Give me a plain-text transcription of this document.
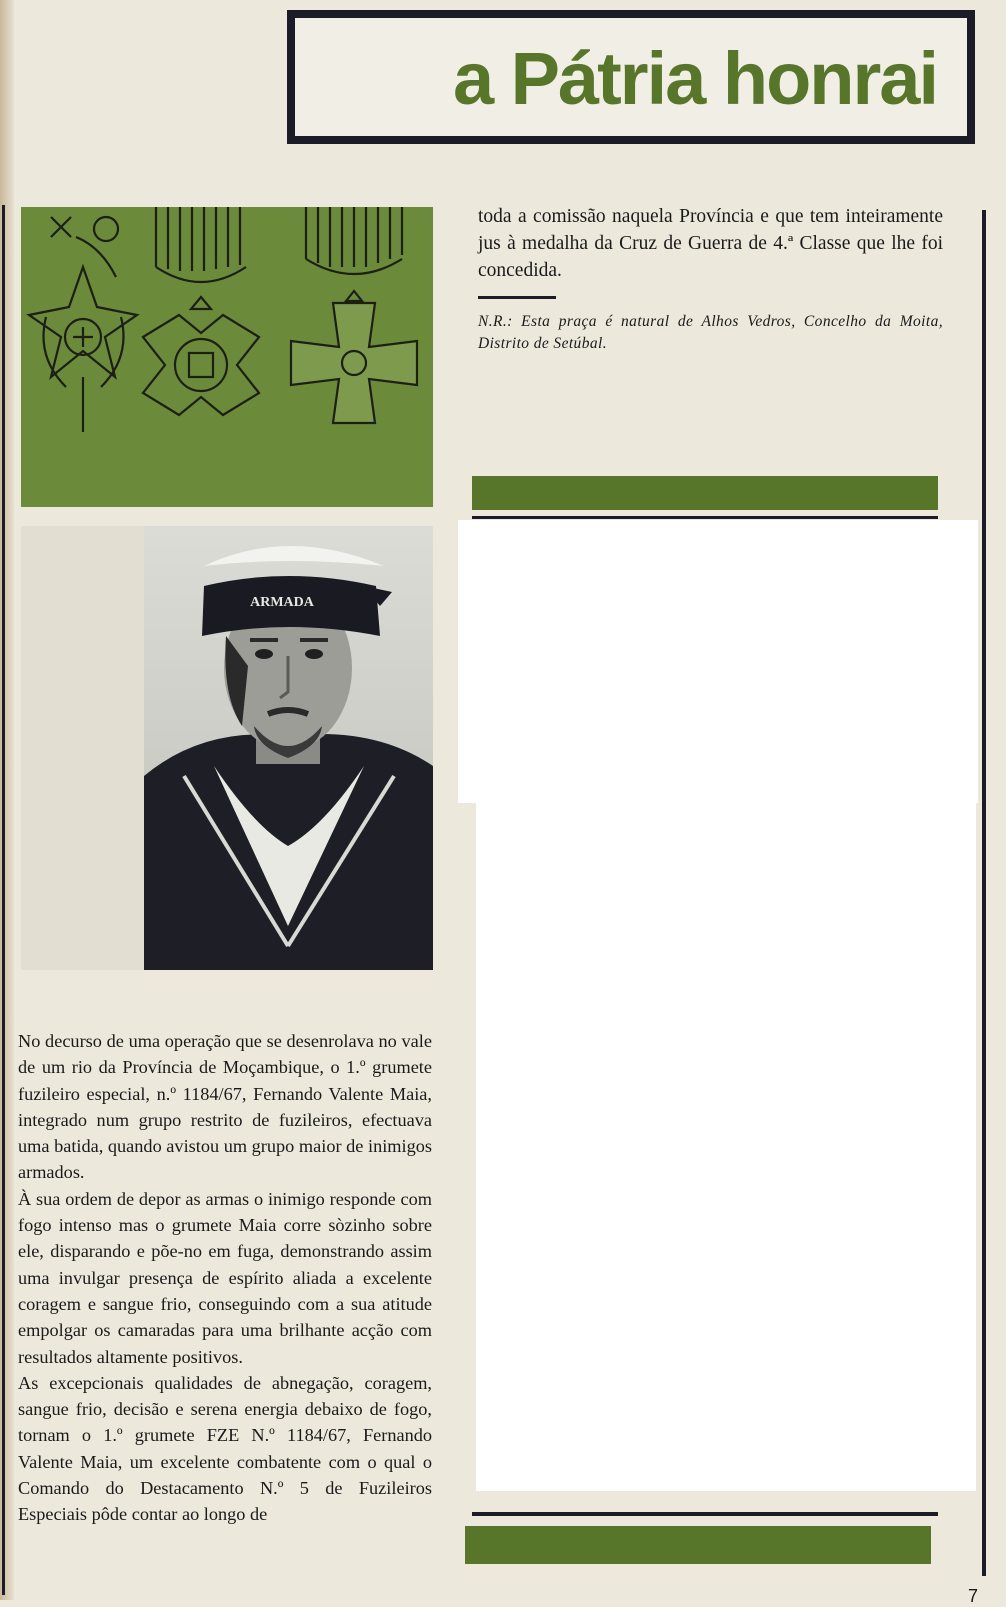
a Pátria honrai
ARMADA

No decurso de uma operação que se desenrolava no vale de um rio da Província de Moçambique, o 1.º grumete fuzileiro especial, n.º 1184/67, Fernando Valente Maia, integrado num grupo restrito de fuzileiros, efectuava uma batida, quando avistou um grupo maior de inimigos armados.

À sua ordem de depor as armas o inimigo responde com fogo intenso mas o grumete Maia corre sòzinho sobre ele, disparando e põe-no em fuga, demonstrando assim uma invulgar presença de espírito aliada a excelente coragem e sangue frio, conseguindo com a sua atitude empolgar os camaradas para uma brilhante acção com resultados altamente positivos.

As excepcionais qualidades de abnegação, coragem, sangue frio, decisão e serena energia debaixo de fogo, tornam o 1.º grumete FZE N.º 1184/67, Fernando Valente Maia, um excelente combatente com o qual o Comando do Destacamento N.º 5 de Fuzileiros Especiais pôde contar ao longo de

toda a comissão naquela Província e que tem inteiramente jus à medalha da Cruz de Guerra de 4.ª Classe que lhe foi concedida.
N.R.: Esta praça é natural de Alhos Vedros, Concelho da Moita, Distrito de Setúbal.
7
